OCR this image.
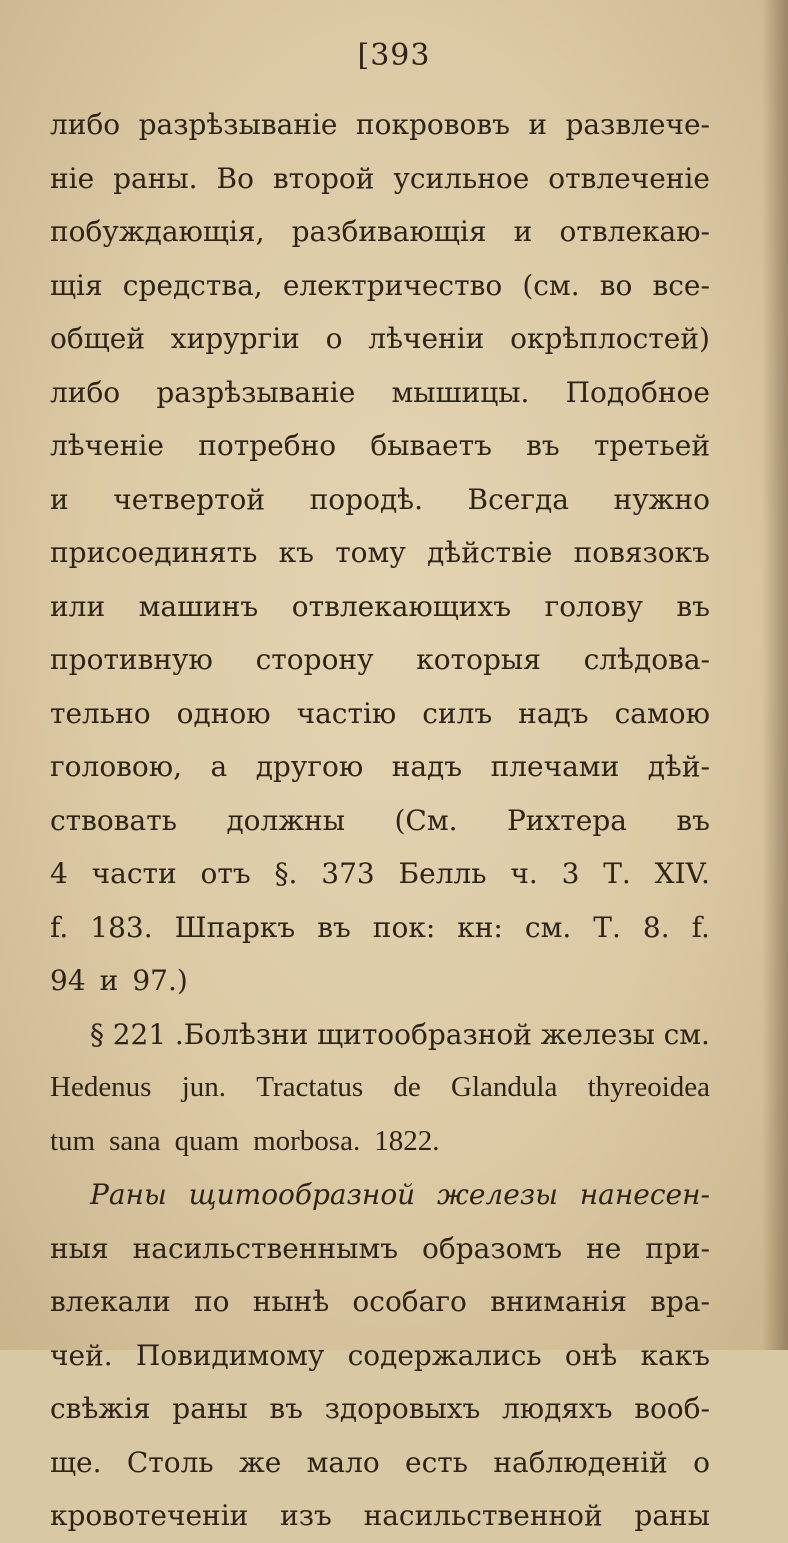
[393
либо разрѣзываніе покрововъ и развлече-
ніе раны. Во второй усильное отвлеченіе
побуждающія, разбивающія и отвлекаю-
щія средства, електричество (см. во все-
общей хирургіи о лѣченіи окрѣплостей)
либо разрѣзываніе мышицы. Подобное
лѣченіе потребно бываетъ въ третьей
и четвертой породѣ. Всегда нужно
присоединять къ тому дѣйствіе повязокъ
или машинъ отвлекающихъ голову въ
противную сторону которыя слѣдова-
тельно одною частію силъ надъ самою
головою, а другою надъ плечами дѣй-
ствовать должны (См. Рихтера въ
4 части отъ §. 373 Белль ч. 3 Т. XIV.
f. 183. Шпаркъ въ пок: кн: см. Т. 8. f.
94 и 97.)
§ 221 .Болѣзни щитообразной железы см.
Hedenus jun. Tractatus de Glandula thyreoidea
tum sana quam morbosa. 1822.
Раны щитообразной железы нанесен-
ныя насильственнымъ образомъ не при-
влекали по нынѣ особаго вниманія вра-
чей. Повидимому содержались онѣ какъ
свѣжія раны въ здоровыхъ людяхъ вооб-
ще. Столь же мало есть наблюденій о
кровотеченіи изъ насильственной раны
